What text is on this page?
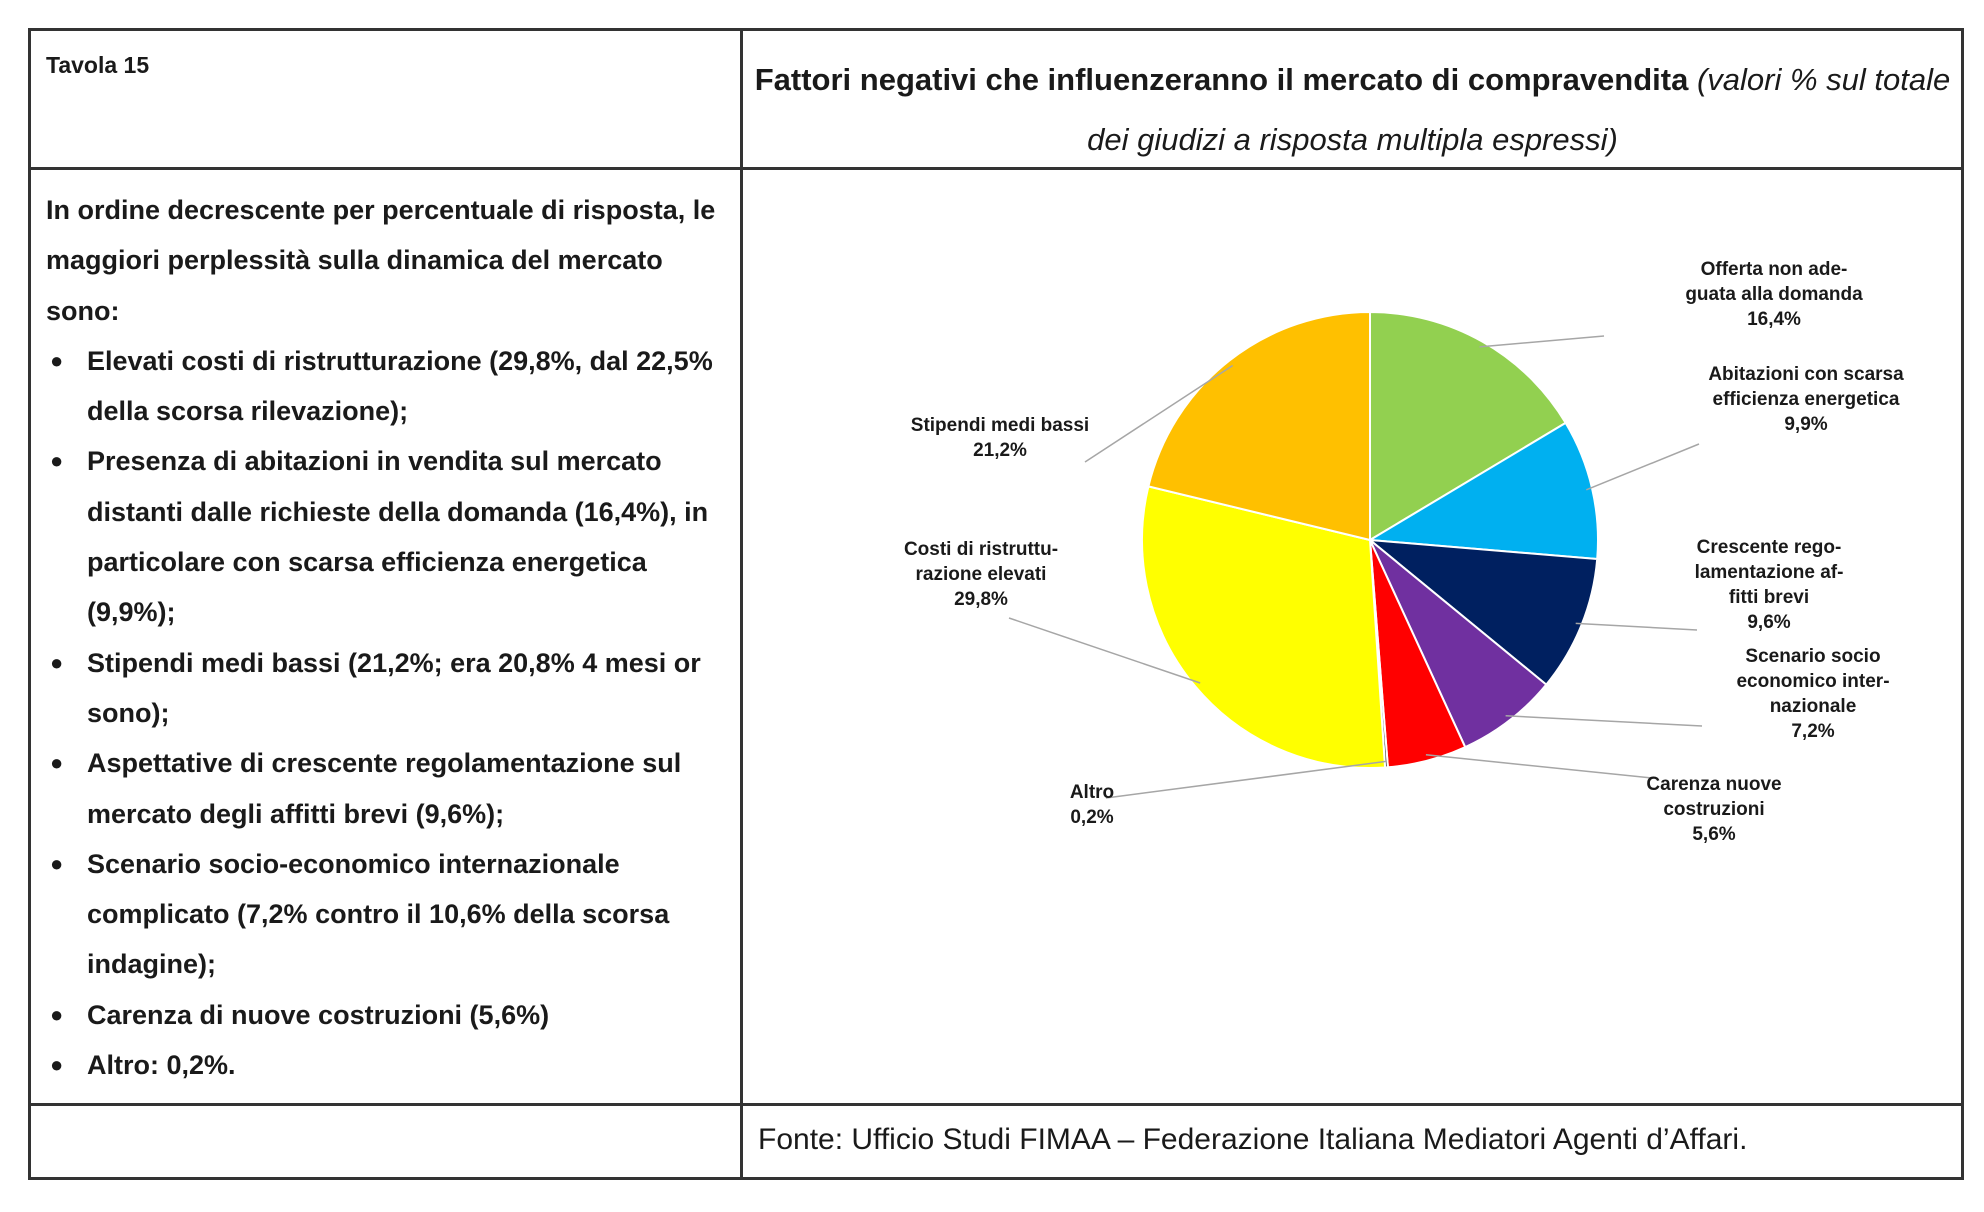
Tavola 15	Fattori negativi che influenzeranno il mercato di compravendita (valori % sul totale dei giudizi a risposta multipla espressi)

In ordine decrescente per percentuale di risposta, le maggiori perplessità sulla dinamica del mercato sono:

● Elevati costi di ristrutturazione (29,8%, dal 22,5% della scorsa rilevazione);
● Presenza di abitazioni in vendita sul mercato distanti dalle richieste della domanda (16,4%), in particolare con scarsa efficienza energetica (9,9%);
● Stipendi medi bassi (21,2%; era 20,8% 4 mesi or sono);
● Aspettative di crescente regolamentazione sul mercato degli affitti brevi (9,6%);
● Scenario socio-economico internazionale complicato (7,2% contro il 10,6% della scorsa indagine);
● Carenza di nuove costruzioni (5,6%)
● Altro: 0,2%.
Offerta non ade-guata alla domanda 16,4%
Abitazioni con scarsa efficienza energetica 9,9%
Crescente rego-lamentazione af-fitti brevi 9,6%
Scenario socio economico inter-nazionale 7,2%
Carenza nuove costruzioni 5,6%
Altro 0,2%
Costi di ristruttu-razione elevati 29,8%
Stipendi medi bassi 21,2%
Fonte: Ufficio Studi FIMAA – Federazione Italiana Mediatori Agenti d’Affari.
